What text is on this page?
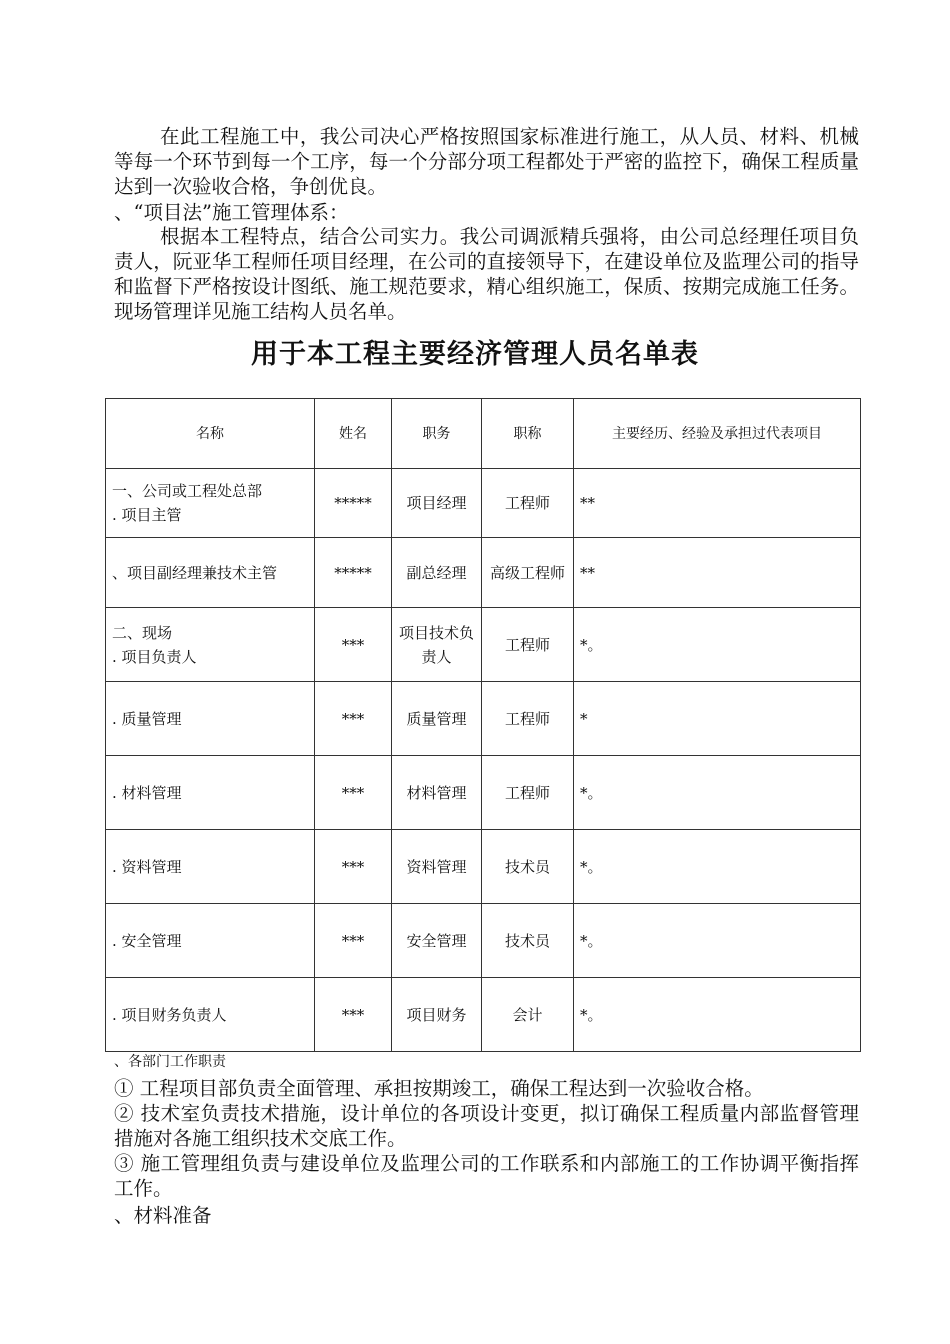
在此工程施工中，我公司决心严格按照国家标准进行施工，从人员、材料、机械等每一个环节到每一个工序，每一个分部分项工程都处于严密的监控下，确保工程质量达到一次验收合格，争创优良。

、“项目法”施工管理体系：

根据本工程特点，结合公司实力。我公司调派精兵强将，由公司总经理任项目负责人，阮亚华工程师任项目经理，在公司的直接领导下，在建设单位及监理公司的指导和监督下严格按设计图纸、施工规范要求，精心组织施工，保质、按期完成施工任务。现场管理详见施工结构人员名单。

用于本工程主要经济管理人员名单表
名称	姓名	职务	职称	主要经历、经验及承担过代表项目

一、公司或工程处总部
. 项目主管	*****	项目经理	工程师	**

、项目副经理兼技术主管	*****	副总经理	高级工程师	**

二、现场
. 项目负责人	***	项目技术负责人	工程师	*。

. 质量管理	***	质量管理	工程师	*

. 材料管理	***	材料管理	工程师	*。

. 资料管理	***	资料管理	技术员	*。

. 安全管理	***	安全管理	技术员	*。

. 项目财务负责人	***	项目财务	会计	*。

、各部门工作职责

① 工程项目部负责全面管理、承担按期竣工，确保工程达到一次验收合格。
② 技术室负责技术措施，设计单位的各项设计变更，拟订确保工程质量内部监督管理措施对各施工组织技术交底工作。
③ 施工管理组负责与建设单位及监理公司的工作联系和内部施工的工作协调平衡指挥工作。

、材料准备
